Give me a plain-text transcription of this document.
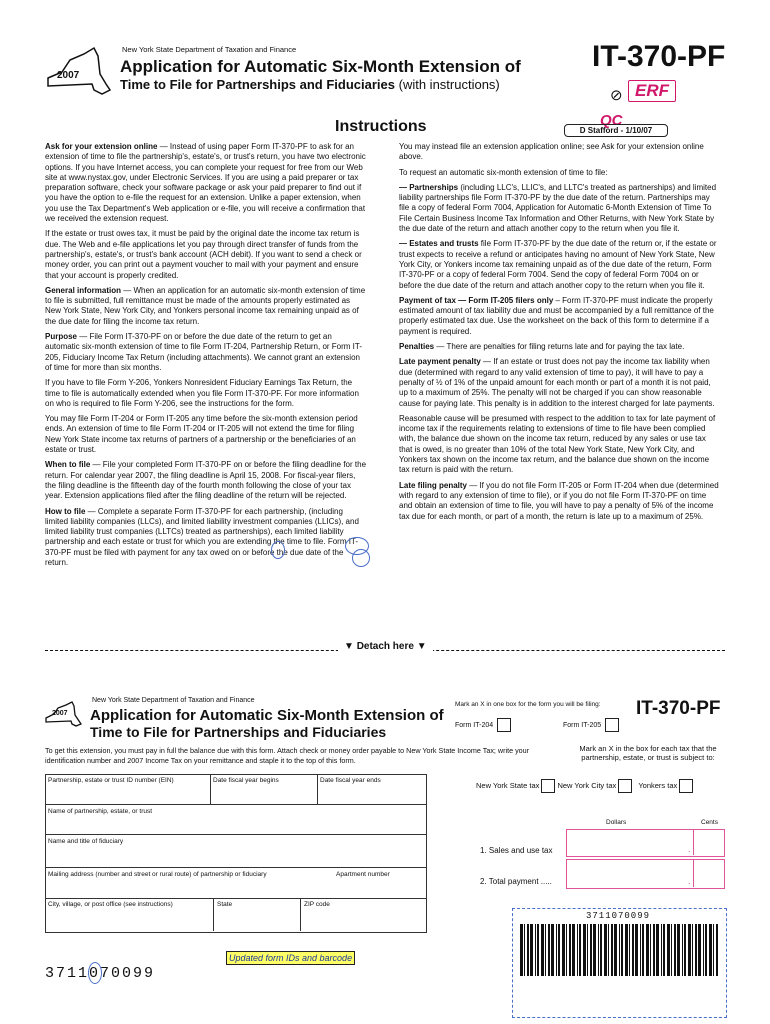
2007
New York State Department of Taxation and Finance
Application for Automatic Six-Month Extension of
Time to File for Partnerships and Fiduciaries (with instructions)
IT-370-PF
⊘ ERF
QC
D Stafford - 1/10/07
Instructions

Ask for your extension online — Instead of using paper Form IT-370-PF to ask for an extension of time to file the partnership's, estate's, or trust's return, you have two electronic options. If you have Internet access, you can complete your request for free from our Web site at www.nystax.gov, under Electronic Services. If you are using a paid preparer or tax preparation software, check your software package or ask your paid preparer to find out if you have the option to e-file the request for an extension. Unlike a paper extension, when you use the Tax Department's Web application or e-file, you will receive a confirmation that we received the extension request.

If the estate or trust owes tax, it must be paid by the original date the income tax return is due. The Web and e-file applications let you pay through direct transfer of funds from the partnership's, estate's, or trust's bank account (ACH debit). If you want to send a check or money order, you can print out a payment voucher to mail with your payment and ensure that your account is properly credited.

General information — When an application for an automatic six-month extension of time to file is submitted, full remittance must be made of the amounts properly estimated as New York State, New York City, and Yonkers personal income tax remaining unpaid as of the due date for filing the income tax return.

Purpose — File Form IT-370-PF on or before the due date of the return to get an automatic six-month extension of time to file Form IT-204, Partnership Return, or Form IT-205, Fiduciary Income Tax Return (including attachments). We cannot grant an extension of time for more than six months.

If you have to file Form Y-206, Yonkers Nonresident Fiduciary Earnings Tax Return, the time to file is automatically extended when you file Form IT-370-PF. For more information on who is required to file Form Y-206, see the instructions for the form.

You may file Form IT-204 or Form IT-205 any time before the six-month extension period ends. An extension of time to file Form IT-204 or IT-205 will not extend the time for filing New York State income tax returns of partners of a partnership or the beneficiaries of an estate or trust.

When to file — File your completed Form IT-370-PF on or before the filing deadline for the return. For calendar year 2007, the filing deadline is April 15, 2008. For fiscal-year filers, the filing deadline is the fifteenth day of the fourth month following the close of your tax year. Extension applications filed after the filing deadline of the return will be rejected.

How to file — Complete a separate Form IT-370-PF for each partnership, (including limited liability companies (LLCs), and limited liability investment companies (LLICs), and limited liability trust companies (LLTCs) treated as partnerships), each limited liability partnership and each estate or trust for which you are extending the time to file. Form IT-370-PF must be filed with payment for any tax owed on or before the due date of the return.

You may instead file an extension application online; see Ask for your extension online above.

To request an automatic six-month extension of time to file:

— Partnerships (including LLC's, LLIC's, and LLTC's treated as partnerships) and limited liability partnerships file Form IT-370-PF by the due date of the return. Partnerships may file a copy of federal Form 7004, Application for Automatic 6-Month Extension of Time To File Certain Business Income Tax Information and Other Returns, with New York State by the due date of the return and attach another copy to the return when you file it.

— Estates and trusts file Form IT-370-PF by the due date of the return or, if the estate or trust expects to receive a refund or anticipates having no amount of New York State, New York City, or Yonkers income tax remaining unpaid as of the due date of the return, Form IT-370-PF or a copy of federal Form 7004. Send the copy of federal Form 7004 on or before the due date of the return and attach another copy to the return when you file it.

Payment of tax — Form IT-205 filers only – Form IT-370-PF must indicate the properly estimated amount of tax liability due and must be accompanied by a full remittance of the properly estimated tax due. Use the worksheet on the back of this form to determine if a payment is required.

Penalties — There are penalties for filing returns late and for paying the tax late.

Late payment penalty — If an estate or trust does not pay the income tax liability when due (determined with regard to any valid extension of time to pay), it will have to pay a penalty of ½ of 1% of the unpaid amount for each month or part of a month it is not paid, up to a maximum of 25%. The penalty will not be charged if you can show reasonable cause for paying late. This penalty is in addition to the interest charged for late payments.

Reasonable cause will be presumed with respect to the addition to tax for late payment of income tax if the requirements relating to extensions of time to file have been complied with, the balance due shown on the income tax return, reduced by any sales or use tax that is owed, is no greater than 10% of the total New York State, New York City, and Yonkers tax shown on the income tax return, and the balance due shown on the income tax return is paid with the return.

Late filing penalty — If you do not file Form IT-205 or Form IT-204 when due (determined with regard to any extension of time to file), or if you do not file Form IT-370-PF on time and obtain an extension of time to file, you will have to pay a penalty of 5% of the income tax due for each month, or part of a month, the return is late up to a maximum of 25%.

▼ Detach here ▼
2007
New York State Department of Taxation and Finance
Application for Automatic Six-Month Extension of
Time to File for Partnerships and Fiduciaries
Mark an X in one box for the form you will be filing:
Form IT-204	Form IT-205
IT-370-PF
To get this extension, you must pay in full the balance due with this form. Attach check or money order payable to New York State Income Tax; write your identification number and 2007 Income Tax on your remittance and staple it to the top of this form.
Mark an X in the box for each tax that the partnership, estate, or trust is subject to:
Partnership, estate or trust ID number (EIN)	Date fiscal year begins	Date fiscal year ends
Name of partnership, estate, or trust
Name and title of fiduciary
Mailing address (number and street or rural route) of partnership or fiduciary	Apartment number
City, village, or post office (see instructions)	State	ZIP code
New York State tax New York City tax	Yonkers tax
Dollars	Cents
.
1. Sales and use tax
.
2. Total payment .....
3711070099
3711070099
Updated form IDs and barcode
